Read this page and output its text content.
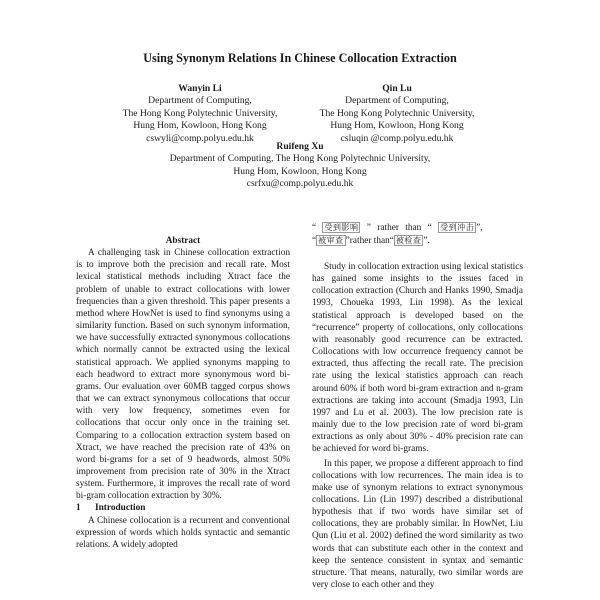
Using Synonym Relations In Chinese Collocation Extraction
Wanyin Li
Department of Computing,
The Hong Kong Polytechnic University,
Hung Hom, Kowloon, Hong Kong
cswyli@comp.polyu.edu.hk
Qin Lu
Department of Computing,
The Hong Kong Polytechnic University,
Hung Hom, Kowloon, Hong Kong
csluqin @comp.polyu.edu.hk
Ruifeng Xu
Department of Computing, The Hong Kong Polytechnic University,
Hung Hom, Kowloon, Hong Kong
csrfxu@comp.polyu.edu.hk

Abstract

A challenging task in Chinese collocation extraction is to improve both the precision and recall rate. Most lexical statistical methods including Xtract face the problem of unable to extract collocations with lower frequencies than a given threshold. This paper presents a method where HowNet is used to find synonyms using a similarity function. Based on such synonym information, we have successfully extracted synonymous collocations which normally cannot be extracted using the lexical statistical approach. We applied synonyms mapping to each headword to extract more synonymous word bi-grams. Our evaluation over 60MB tagged corpus shows that we can extract synonymous collocations that occur with very low frequency, sometimes even for collocations that occur only once in the training set. Comparing to a collocation extraction system based on Xtract, we have reached the precision rate of 43% on word bi-grams for a set of 9 headwords, almost 50% improvement from precision rate of 30% in the Xtract system. Furthermore, it improves the recall rate of word bi-gram collocation extraction by 30%.

1 Introduction

A Chinese collocation is a recurrent and conventional expression of words which holds syntactic and semantic relations. A widely adopted

“ 受到影响 ” rather than “ 受到冲击 ”,

“ 被审查 ”rather than“ 被检查 ”.

Study in collocation extraction using lexical statistics has gained some insights to the issues faced in collocation extraction (Church and Hanks 1990, Smadja 1993, Choueka 1993, Lin 1998). As the lexical statistical approach is developed based on the “recurrence” property of collocations, only collocations with reasonably good recurrence can be extracted. Collocations with low occurrence frequency cannot be extracted, thus affecting the recall rate. The precision rate using the lexical statistics approach can reach around 60% if both word bi-gram extraction and n-gram extractions are taking into account (Smadja 1993, Lin 1997 and Lu et al. 2003). The low precision rate is mainly due to the low precision rate of word bi-gram extractions as only about 30% - 40% precision rate can be achieved for word bi-grams.

In this paper, we propose a different approach to find collocations with low recurrences. The main idea is to make use of synonym relations to extract synonymous collocations. Lin (Lin 1997) described a distributional hypothesis that if two words have similar set of collocations, they are probably similar. In HowNet, Liu Qun (Liu et al. 2002) defined the word similarity as two words that can substitute each other in the context and keep the sentence consistent in syntax and semantic structure. That means, naturally, two similar words are very close to each other and they
